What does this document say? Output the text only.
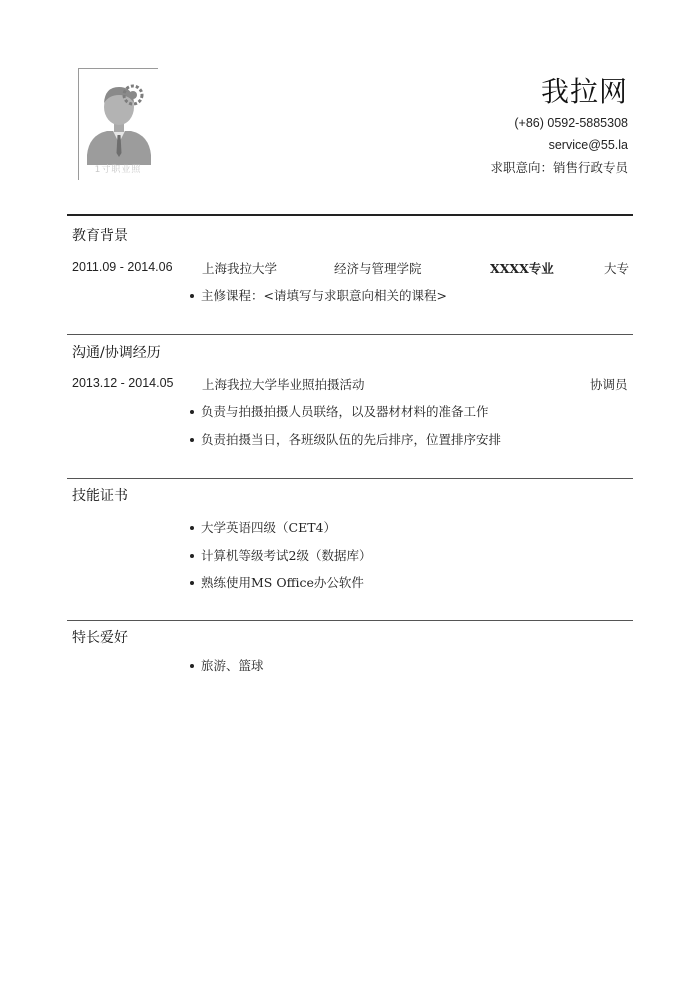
1寸职业照
我拉网
(+86) 0592-5885308
service@55.la
求职意向：销售行政专员
教育背景
2011.09 - 2014.06 上海我拉大学	经济与管理学院	XXXX专业	大专
主修课程：<请填写与求职意向相关的课程>
沟通/协调经历
2013.12 - 2014.05 上海我拉大学毕业照拍摄活动	协调员
负责与拍摄拍摄人员联络，以及器材材料的准备工作
负责拍摄当日，各班级队伍的先后排序，位置排序安排
技能证书
大学英语四级（CET4）
计算机等级考试2级（数据库）
熟练使用MS Office办公软件
特长爱好
旅游、篮球
